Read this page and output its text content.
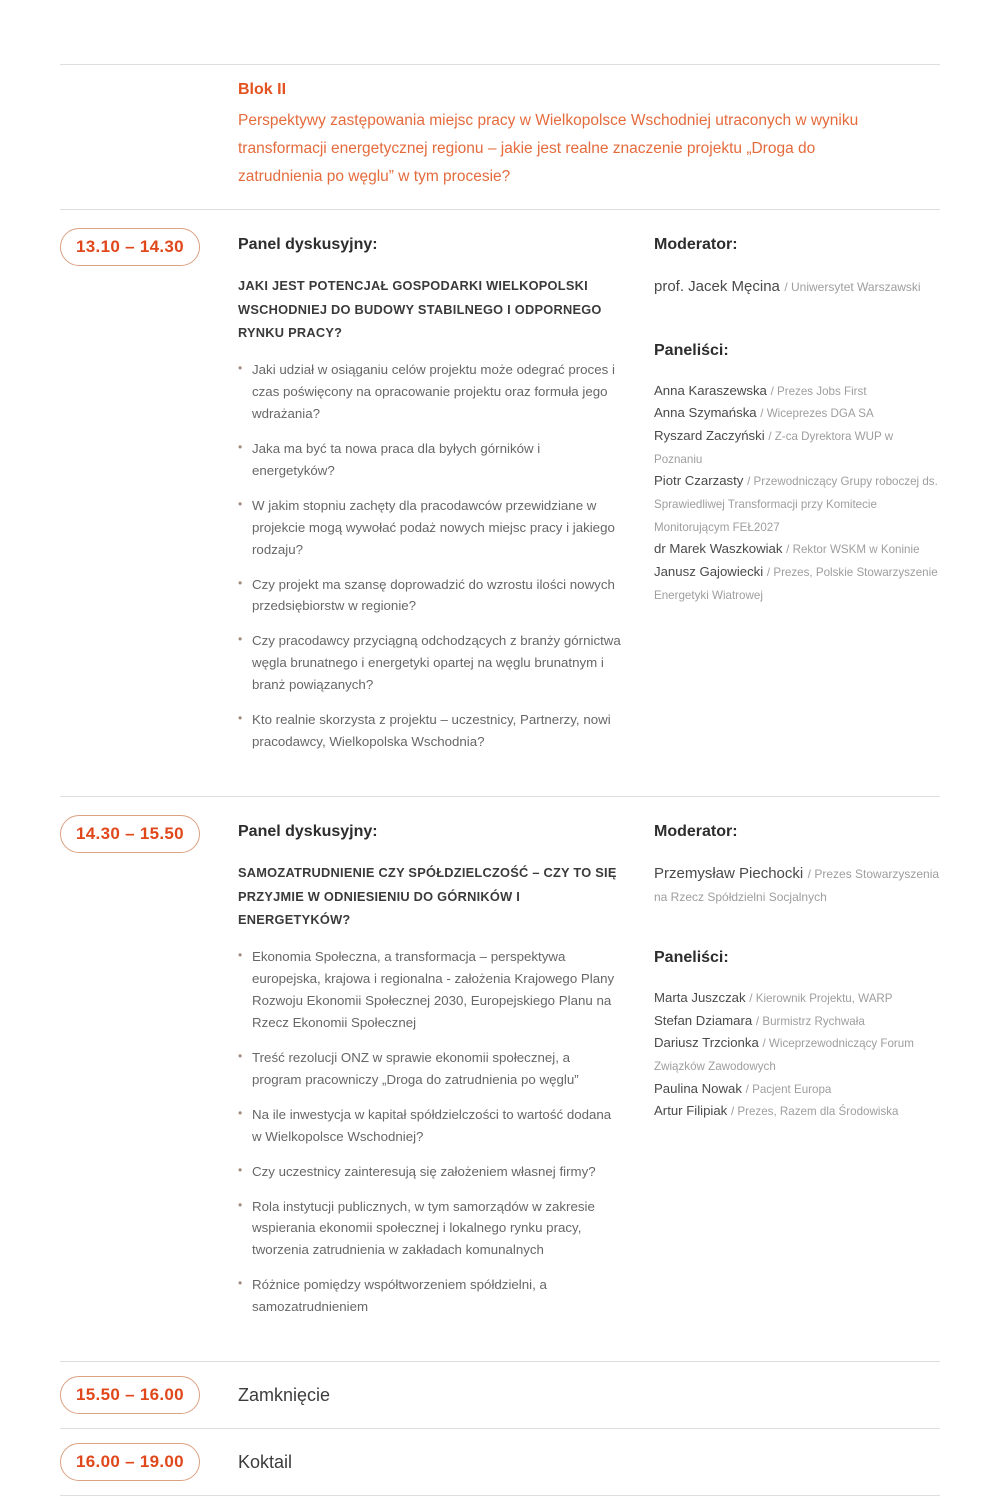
Blok II
Perspektywy zastępowania miejsc pracy w Wielkopolsce Wschodniej utraconych w wyniku transformacji energetycznej regionu – jakie jest realne znaczenie projektu „Droga do zatrudnienia po węglu” w tym procesie?
13.10 – 14.30	Panel dyskusyjny:
JAKI JEST POTENCJAŁ GOSPODARKI WIELKOPOLSKI WSCHODNIEJ DO BUDOWY STABILNEGO I ODPORNEGO RYNKU PRACY?
• Jaki udział w osiąganiu celów projektu może odegrać proces i czas poświęcony na opracowanie projektu oraz formuła jego wdrażania?
• Jaka ma być ta nowa praca dla byłych górników i energetyków?
• W jakim stopniu zachęty dla pracodawców przewidziane w projekcie mogą wywołać podaż nowych miejsc pracy i jakiego rodzaju?
• Czy projekt ma szansę doprowadzić do wzrostu ilości nowych przedsiębiorstw w regionie?
• Czy pracodawcy przyciągną odchodzących z branży górnictwa węgla brunatnego i energetyki opartej na węglu brunatnym i branż powiązanych?
• Kto realnie skorzysta z projektu – uczestnicy, Partnerzy, nowi pracodawcy, Wielkopolska Wschodnia?
Moderator:
prof. Jacek Męcina / Uniwersytet Warszawski
Paneliści:
Anna Karaszewska / Prezes Jobs First
Anna Szymańska / Wiceprezes DGA SA
Ryszard Zaczyński / Z-ca Dyrektora WUP w Poznaniu
Piotr Czarzasty / Przewodniczący Grupy roboczej ds. Sprawiedliwej Transformacji przy Komitecie Monitorującym FEŁ2027
dr Marek Waszkowiak / Rektor WSKM w Koninie
Janusz Gajowiecki / Prezes, Polskie Stowarzyszenie Energetyki Wiatrowej
14.30 – 15.50	Panel dyskusyjny:
SAMOZATRUDNIENIE CZY SPÓŁDZIELCZOŚĆ – CZY TO SIĘ PRZYJMIE W ODNIESIENIU DO GÓRNIKÓW I ENERGETYKÓW?
• Ekonomia Społeczna, a transformacja – perspektywa europejska, krajowa i regionalna - założenia Krajowego Plany Rozwoju Ekonomii Społecznej 2030, Europejskiego Planu na Rzecz Ekonomii Społecznej
• Treść rezolucji ONZ w sprawie ekonomii społecznej, a program pracowniczy „Droga do zatrudnienia po węglu”
• Na ile inwestycja w kapitał spółdzielczości to wartość dodana w Wielkopolsce Wschodniej?
• Czy uczestnicy zainteresują się założeniem własnej firmy?
• Rola instytucji publicznych, w tym samorządów w zakresie wspierania ekonomii społecznej i lokalnego rynku pracy, tworzenia zatrudnienia w zakładach komunalnych
• Różnice pomiędzy współtworzeniem spółdzielni, a samozatrudnieniem
Moderator:
Przemysław Piechocki / Prezes Stowarzyszenia na Rzecz Spółdzielni Socjalnych
Paneliści:
Marta Juszczak / Kierownik Projektu, WARP
Stefan Dziamara / Burmistrz Rychwała
Dariusz Trzcionka / Wiceprzewodniczący Forum Związków Zawodowych
Paulina Nowak / Pacjent Europa
Artur Filipiak / Prezes, Razem dla Środowiska
15.50 – 16.00	Zamknięcie
16.00 – 19.00	Koktail
